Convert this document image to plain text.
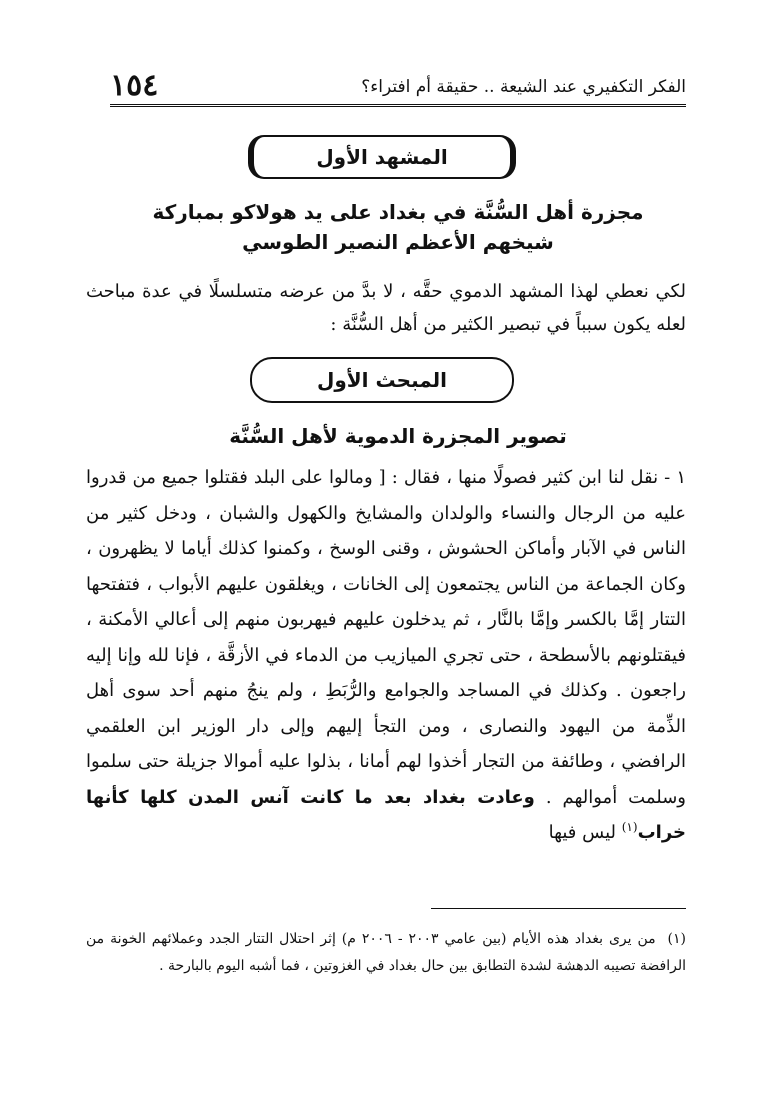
الفكر التكفيري عند الشيعة .. حقيقة أم افتراء؟
١٥٤
المشهد الأول
مجزرة أهل السُّنَّة في بغداد على يد هولاكو بمباركة
شيخهم الأعظم النصير الطوسي

لكي نعطي لهذا المشهد الدموي حقَّه ، لا بدَّ من عرضه متسلسلًا في عدة مباحث لعله يكون سبباً في تبصير الكثير من أهل السُّنَّة :

المبحث الأول
تصوير المجزرة الدموية لأهل السُّنَّة

١ - نقل لنا ابن كثير فصولًا منها ، فقال : [ ومالوا على البلد فقتلوا جميع من قدروا عليه من الرجال والنساء والولدان والمشايخ والكهول والشبان ، ودخل كثير من الناس في الآبار وأماكن الحشوش ، وقنى الوسخ ، وكمنوا كذلك أياما لا يظهرون ، وكان الجماعة من الناس يجتمعون إلى الخانات ، ويغلقون عليهم الأبواب ، فتفتحها التتار إمَّا بالكسر وإمَّا بالنَّار ، ثم يدخلون عليهم فيهربون منهم إلى أعالي الأمكنة ، فيقتلونهم بالأسطحة ، حتى تجري الميازيب من الدماء في الأزقَّة ، فإنا لله وإنا إليه راجعون . وكذلك في المساجد والجوامع والرُّبَطِ ، ولم ينجُ منهم أحد سوى أهل الذِّمة من اليهود والنصارى ، ومن التجأ إليهم وإلى دار الوزير ابن العلقمي الرافضي ، وطائفة من التجار أخذوا لهم أمانا ، بذلوا عليه أموالا جزيلة حتى سلموا وسلمت أموالهم . وعادت بغداد بعد ما كانت آنس المدن كلها كأنها خراب$^{(١)}$ ليس فيها

(١) من يرى بغداد هذه الأيام (بين عامي ٢٠٠٣ - ٢٠٠٦ م) إثر احتلال التتار الجدد وعملائهم الخونة من الرافضة تصيبه الدهشة لشدة التطابق بين حال بغداد في الغزوتين ، فما أشبه اليوم بالبارحة .
